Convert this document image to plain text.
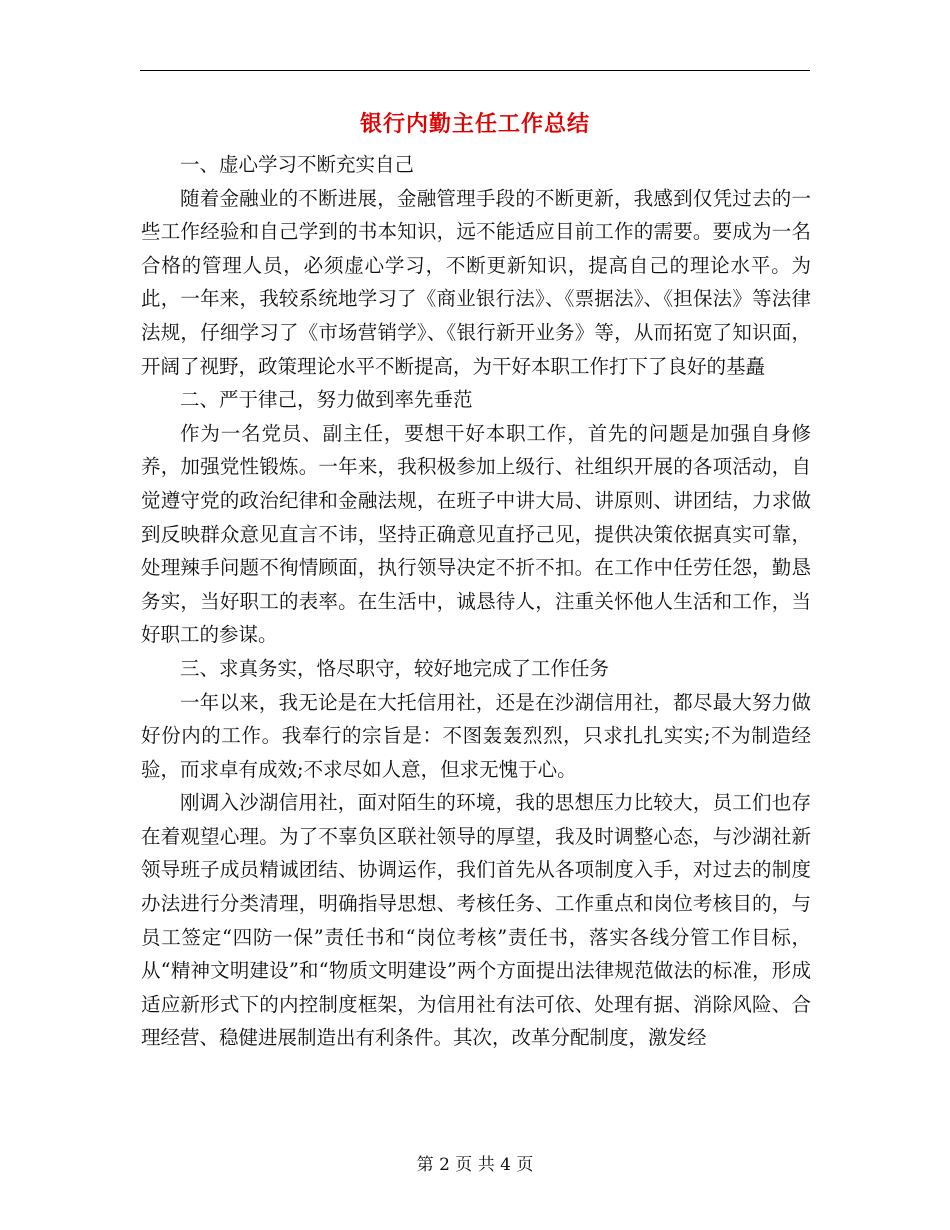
银行内勤主任工作总结

一、虚心学习不断充实自己

随着金融业的不断进展，金融管理手段的不断更新，我感到仅凭过去的一些工作经验和自己学到的书本知识，远不能适应目前工作的需要。要成为一名合格的管理人员，必须虚心学习，不断更新知识，提高自己的理论水平。为此，一年来，我较系统地学习了《商业银行法》、《票据法》、《担保法》等法律法规，仔细学习了《市场营销学》、《银行新开业务》等，从而拓宽了知识面，开阔了视野，政策理论水平不断提高，为干好本职工作打下了良好的基矗

二、严于律己，努力做到率先垂范

作为一名党员、副主任，要想干好本职工作，首先的问题是加强自身修养，加强党性锻炼。一年来，我积极参加上级行、社组织开展的各项活动，自觉遵守党的政治纪律和金融法规，在班子中讲大局、讲原则、讲团结，力求做到反映群众意见直言不讳，坚持正确意见直抒己见，提供决策依据真实可靠，处理辣手问题不徇情顾面，执行领导决定不折不扣。在工作中任劳任怨，勤恳务实，当好职工的表率。在生活中，诚恳待人，注重关怀他人生活和工作，当好职工的参谋。

三、求真务实，恪尽职守，较好地完成了工作任务

一年以来，我无论是在大托信用社，还是在沙湖信用社，都尽最大努力做好份内的工作。我奉行的宗旨是：不图轰轰烈烈，只求扎扎实实;不为制造经验，而求卓有成效;不求尽如人意，但求无愧于心。

刚调入沙湖信用社，面对陌生的环境，我的思想压力比较大，员工们也存在着观望心理。为了不辜负区联社领导的厚望，我及时调整心态，与沙湖社新领导班子成员精诚团结、协调运作，我们首先从各项制度入手，对过去的制度办法进行分类清理，明确指导思想、考核任务、工作重点和岗位考核目的，与员工签定“四防一保”责任书和“岗位考核”责任书，落实各线分管工作目标，从“精神文明建设”和“物质文明建设”两个方面提出法律规范做法的标准，形成适应新形式下的内控制度框架，为信用社有法可依、处理有据、消除风险、合理经营、稳健进展制造出有利条件。其次，改革分配制度，激发经

第 2 页 共 4 页
